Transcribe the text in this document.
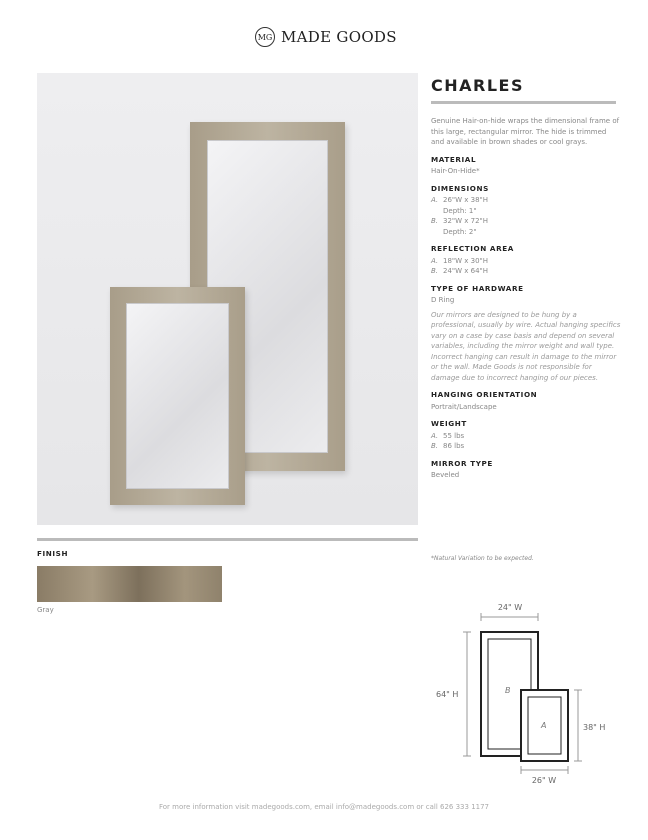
MG MADE GOODS
CHARLES
Genuine Hair-on-hide wraps the dimensional frame of this large, rectangular mirror. The hide is trimmed and available in brown shades or cool grays.
MATERIAL
Hair-On-Hide*
DIMENSIONS
A. 26"W x 38"H
Depth: 1"
B. 32"W x 72"H
Depth: 2"
REFLECTION AREA
A. 18"W x 30"H
B. 24"W x 64"H
TYPE OF HARDWARE
D Ring
Our mirrors are designed to be hung by a professional, usually by wire. Actual hanging specifics vary on a case by case basis and depend on several variables, including the mirror weight and wall type. Incorrect hanging can result in damage to the mirror or the wall. Made Goods is not responsible for damage due to incorrect hanging of our pieces.
HANGING ORIENTATION
Portrait/Landscape
WEIGHT
A. 55 lbs
B. 86 lbs
MIRROR TYPE
Beveled
*Natural Variation to be expected.
FINISH
Gray	24" W
64" H
38" H
26" W
B
A
For more information visit madegoods.com, email info@madegoods.com or call 626 333 1177
